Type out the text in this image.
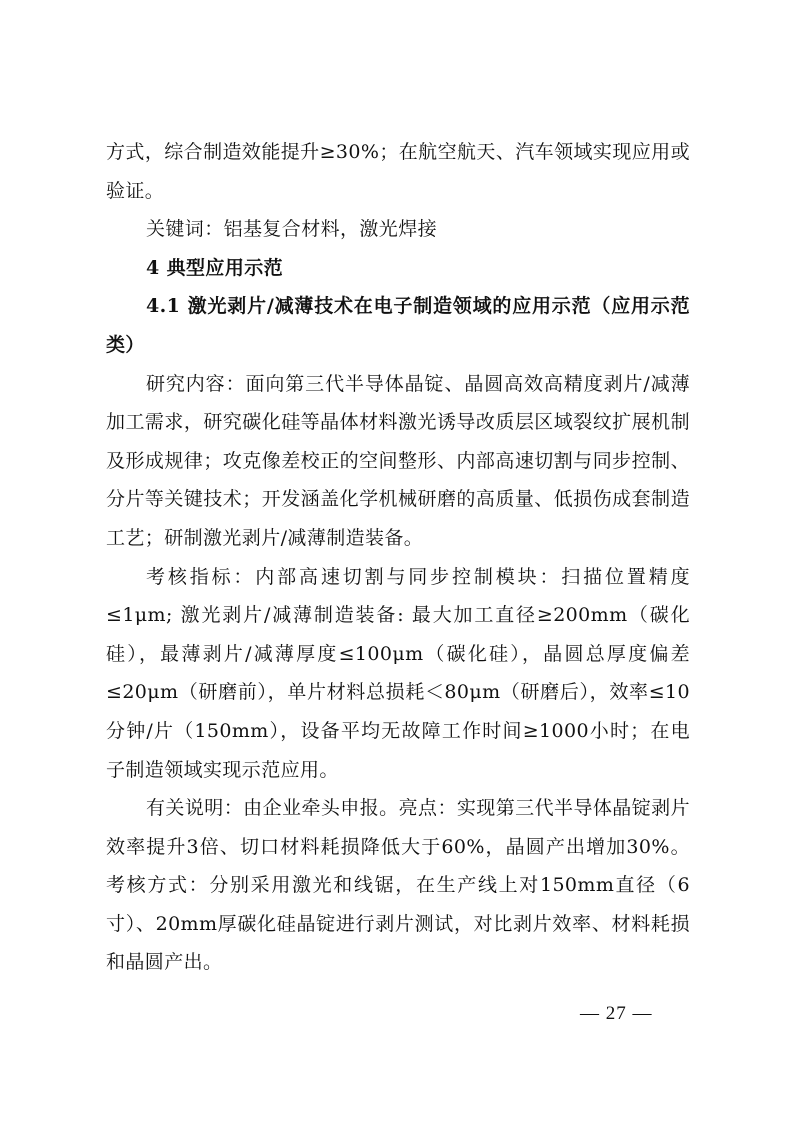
方式，综合制造效能提升≥30%；在航空航天、汽车领域实现应用或验证。

关键词：铝基复合材料，激光焊接

4 典型应用示范

4.1 激光剥片/减薄技术在电子制造领域的应用示范（应用示范类）

研究内容：面向第三代半导体晶锭、晶圆高效高精度剥片/减薄加工需求，研究碳化硅等晶体材料激光诱导改质层区域裂纹扩展机制及形成规律；攻克像差校正的空间整形、内部高速切割与同步控制、分片等关键技术；开发涵盖化学机械研磨的高质量、低损伤成套制造工艺；研制激光剥片/减薄制造装备。

考核指标：内部高速切割与同步控制模块：扫描位置精度≤1μm; 激光剥片/减薄制造装备: 最大加工直径≥200mm（碳化硅），最薄剥片/减薄厚度≤100μm（碳化硅），晶圆总厚度偏差≤20μm（研磨前），单片材料总损耗＜80μm（研磨后），效率≤10分钟/片（150mm），设备平均无故障工作时间≥1000小时；在电子制造领域实现示范应用。

有关说明：由企业牵头申报。亮点：实现第三代半导体晶锭剥片效率提升3倍、切口材料耗损降低大于60%，晶圆产出增加30%。考核方式：分别采用激光和线锯，在生产线上对150mm直径（6寸）、20mm厚碳化硅晶锭进行剥片测试，对比剥片效率、材料耗损和晶圆产出。

— 27 —
